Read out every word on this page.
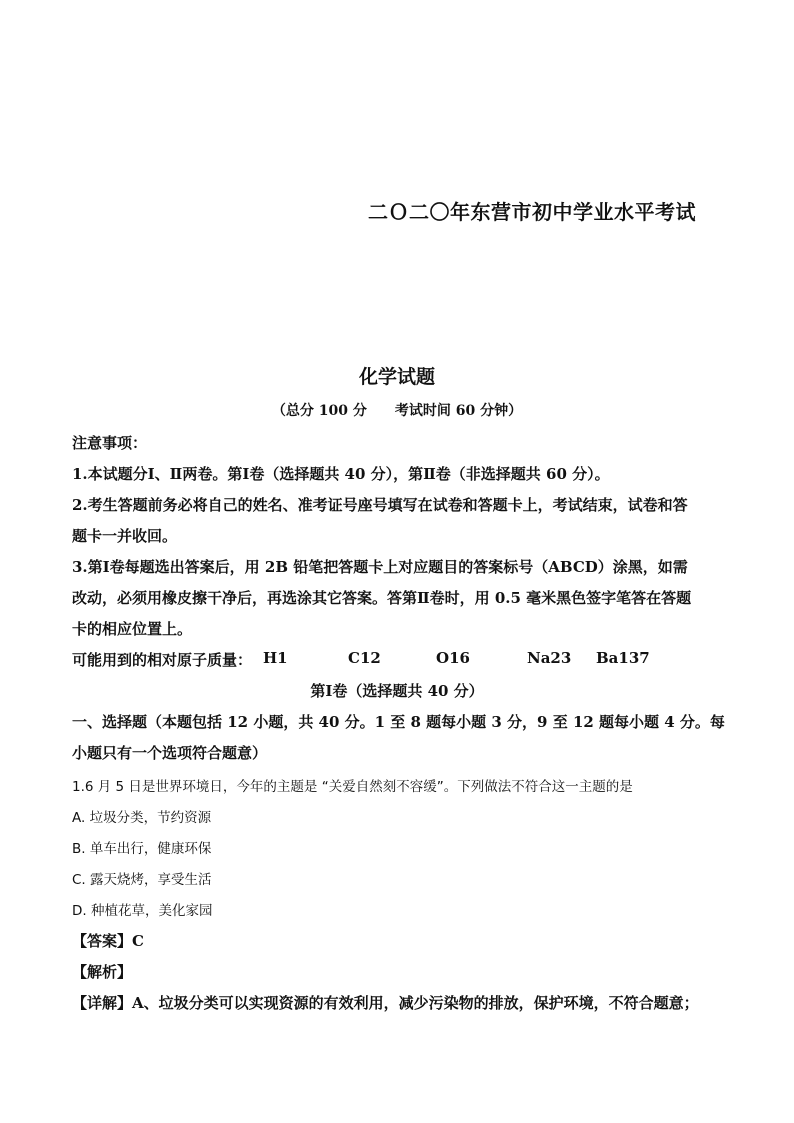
二Ｏ二〇年东营市初中学业水平考试
化学试题
（总分 100 分　　考试时间 60 分钟）
注意事项：
1.本试题分Ⅰ、Ⅱ两卷。第Ⅰ卷（选择题共 40 分），第Ⅱ卷（非选择题共 60 分）。
2.考生答题前务必将自己的姓名、准考证号座号填写在试卷和答题卡上，考试结束，试卷和答
题卡一并收回。
3.第Ⅰ卷每题选出答案后，用 2B 铅笔把答题卡上对应题目的答案标号（ABCD）涂黑，如需
改动，必须用橡皮擦干净后，再选涂其它答案。答第Ⅱ卷时，用 0.5 毫米黑色签字笔答在答题
卡的相应位置上。
可能用到的相对原子质量： H1	C12	O16	Na23 Ba137
第Ⅰ卷（选择题共 40 分）
一、选择题（本题包括 12 小题，共 40 分。1 至 8 题每小题 3 分，9 至 12 题每小题 4 分。每
小题只有一个选项符合题意）
1.6 月 5 日是世界环境日，今年的主题是 “关爱自然刻不容缓”。下列做法不符合这一主题的是
A. 垃圾分类，节约资源
B. 单车出行，健康环保
C. 露天烧烤，享受生活
D. 种植花草，美化家园
【答案】C
【解析】
【详解】A、垃圾分类可以实现资源的有效利用，减少污染物的排放，保护环境，不符合题意；
